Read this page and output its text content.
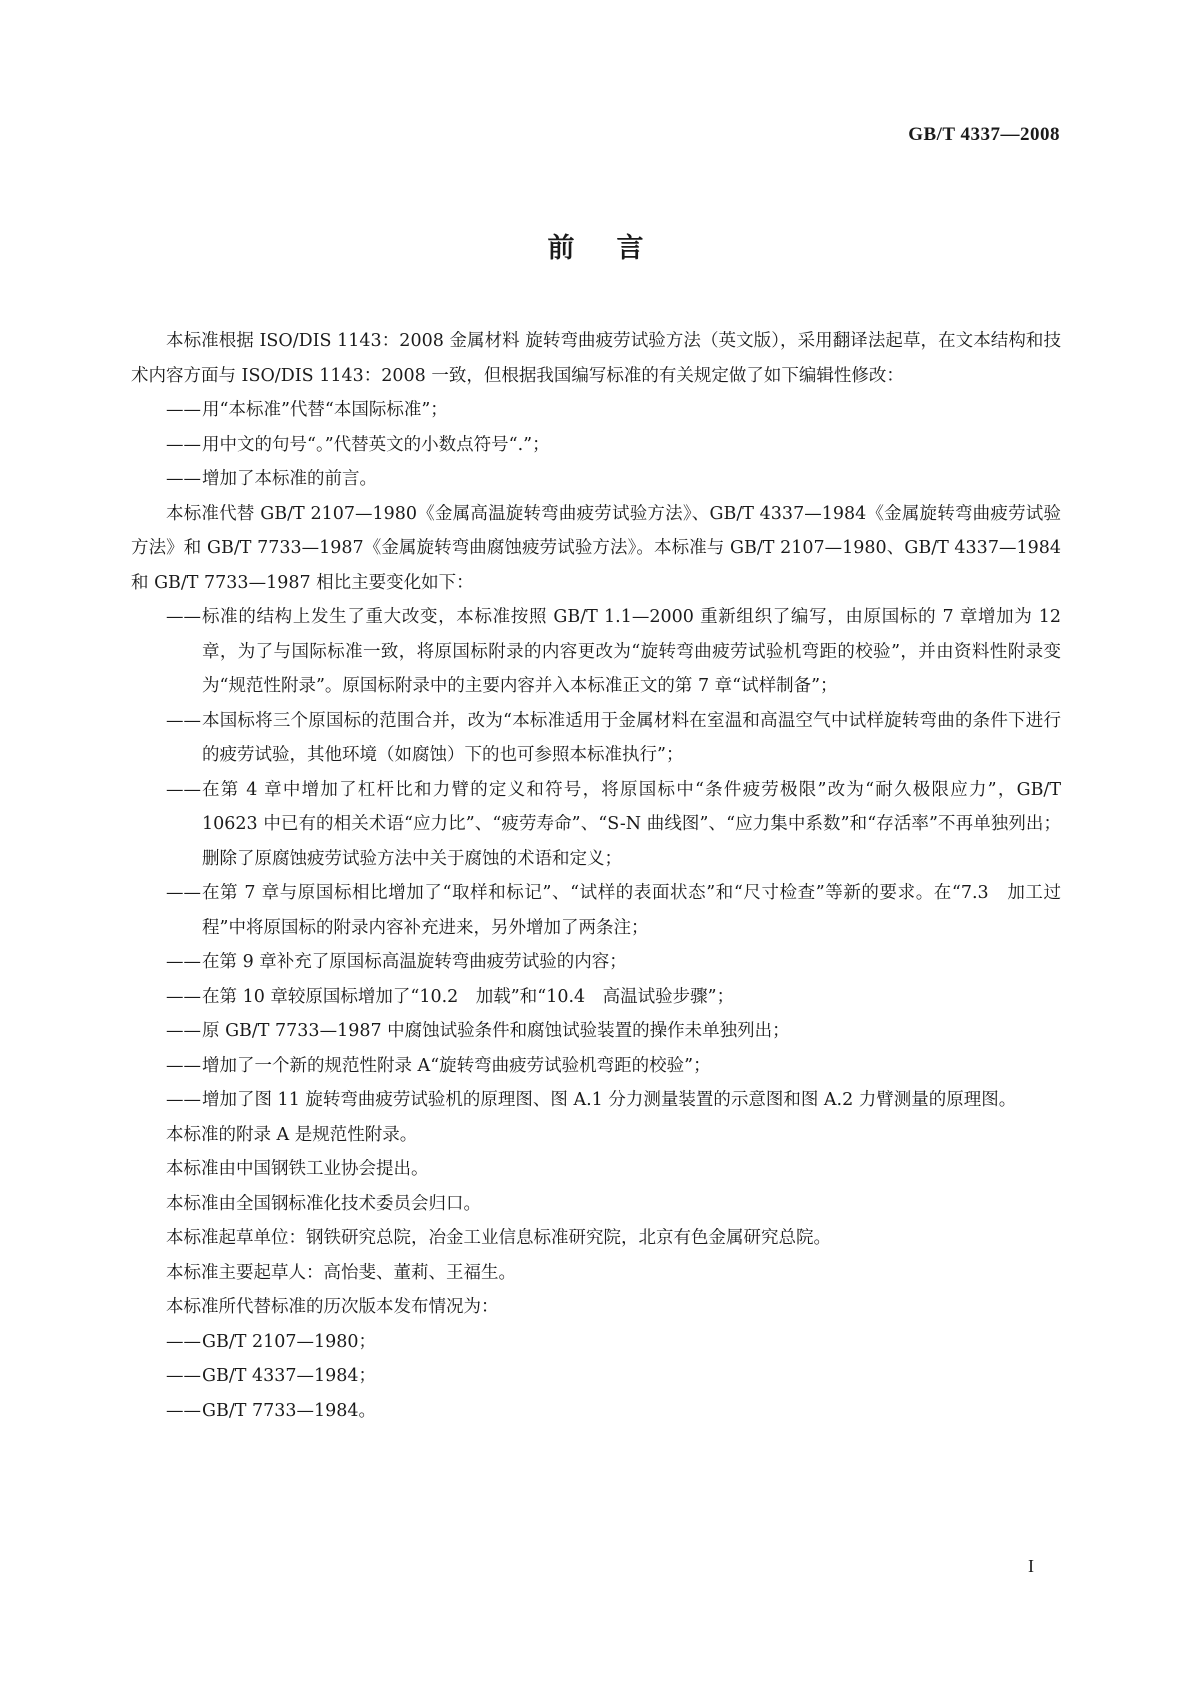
GB/T 4337—2008
前言

本标准根据 ISO/DIS 1143：2008 金属材料 旋转弯曲疲劳试验方法（英文版），采用翻译法起草，在文本结构和技术内容方面与 ISO/DIS 1143：2008 一致，但根据我国编写标准的有关规定做了如下编辑性修改：

—— 用“本标准”代替“本国际标准”；
—— 用中文的句号“。”代替英文的小数点符号“.”；
—— 增加了本标准的前言。

本标准代替 GB/T 2107—1980《金属高温旋转弯曲疲劳试验方法》、GB/T 4337—1984《金属旋转弯曲疲劳试验方法》和 GB/T 7733—1987《金属旋转弯曲腐蚀疲劳试验方法》。本标准与 GB/T 2107—1980、GB/T 4337—1984 和 GB/T 7733—1987 相比主要变化如下：

—— 标准的结构上发生了重大改变，本标准按照 GB/T 1.1—2000 重新组织了编写，由原国标的 7 章增加为 12 章，为了与国际标准一致，将原国标附录的内容更改为“旋转弯曲疲劳试验机弯距的校验”，并由资料性附录变为“规范性附录”。原国标附录中的主要内容并入本标准正文的第 7 章“试样制备”；
—— 本国标将三个原国标的范围合并，改为“本标准适用于金属材料在室温和高温空气中试样旋转弯曲的条件下进行的疲劳试验，其他环境（如腐蚀）下的也可参照本标准执行”；
—— 在第 4 章中增加了杠杆比和力臂的定义和符号，将原国标中“条件疲劳极限”改为“耐久极限应力”，GB/T 10623 中已有的相关术语“应力比”、“疲劳寿命”、“S-N 曲线图”、“应力集中系数”和“存活率”不再单独列出；删除了原腐蚀疲劳试验方法中关于腐蚀的术语和定义；
—— 在第 7 章与原国标相比增加了“取样和标记”、“试样的表面状态”和“尺寸检查”等新的要求。在“7.3　加工过程”中将原国标的附录内容补充进来，另外增加了两条注；
—— 在第 9 章补充了原国标高温旋转弯曲疲劳试验的内容；
—— 在第 10 章较原国标增加了“10.2　加载”和“10.4　高温试验步骤”；
—— 原 GB/T 7733—1987 中腐蚀试验条件和腐蚀试验装置的操作未单独列出；
—— 增加了一个新的规范性附录 A“旋转弯曲疲劳试验机弯距的校验”；
—— 增加了图 11 旋转弯曲疲劳试验机的原理图、图 A.1 分力测量装置的示意图和图 A.2 力臂测量的原理图。

本标准的附录 A 是规范性附录。

本标准由中国钢铁工业协会提出。

本标准由全国钢标准化技术委员会归口。

本标准起草单位：钢铁研究总院，冶金工业信息标准研究院，北京有色金属研究总院。

本标准主要起草人：高怡斐、董莉、王福生。

本标准所代替标准的历次版本发布情况为：

—— GB/T 2107—1980；
—— GB/T 4337—1984；
—— GB/T 7733—1984。
I
